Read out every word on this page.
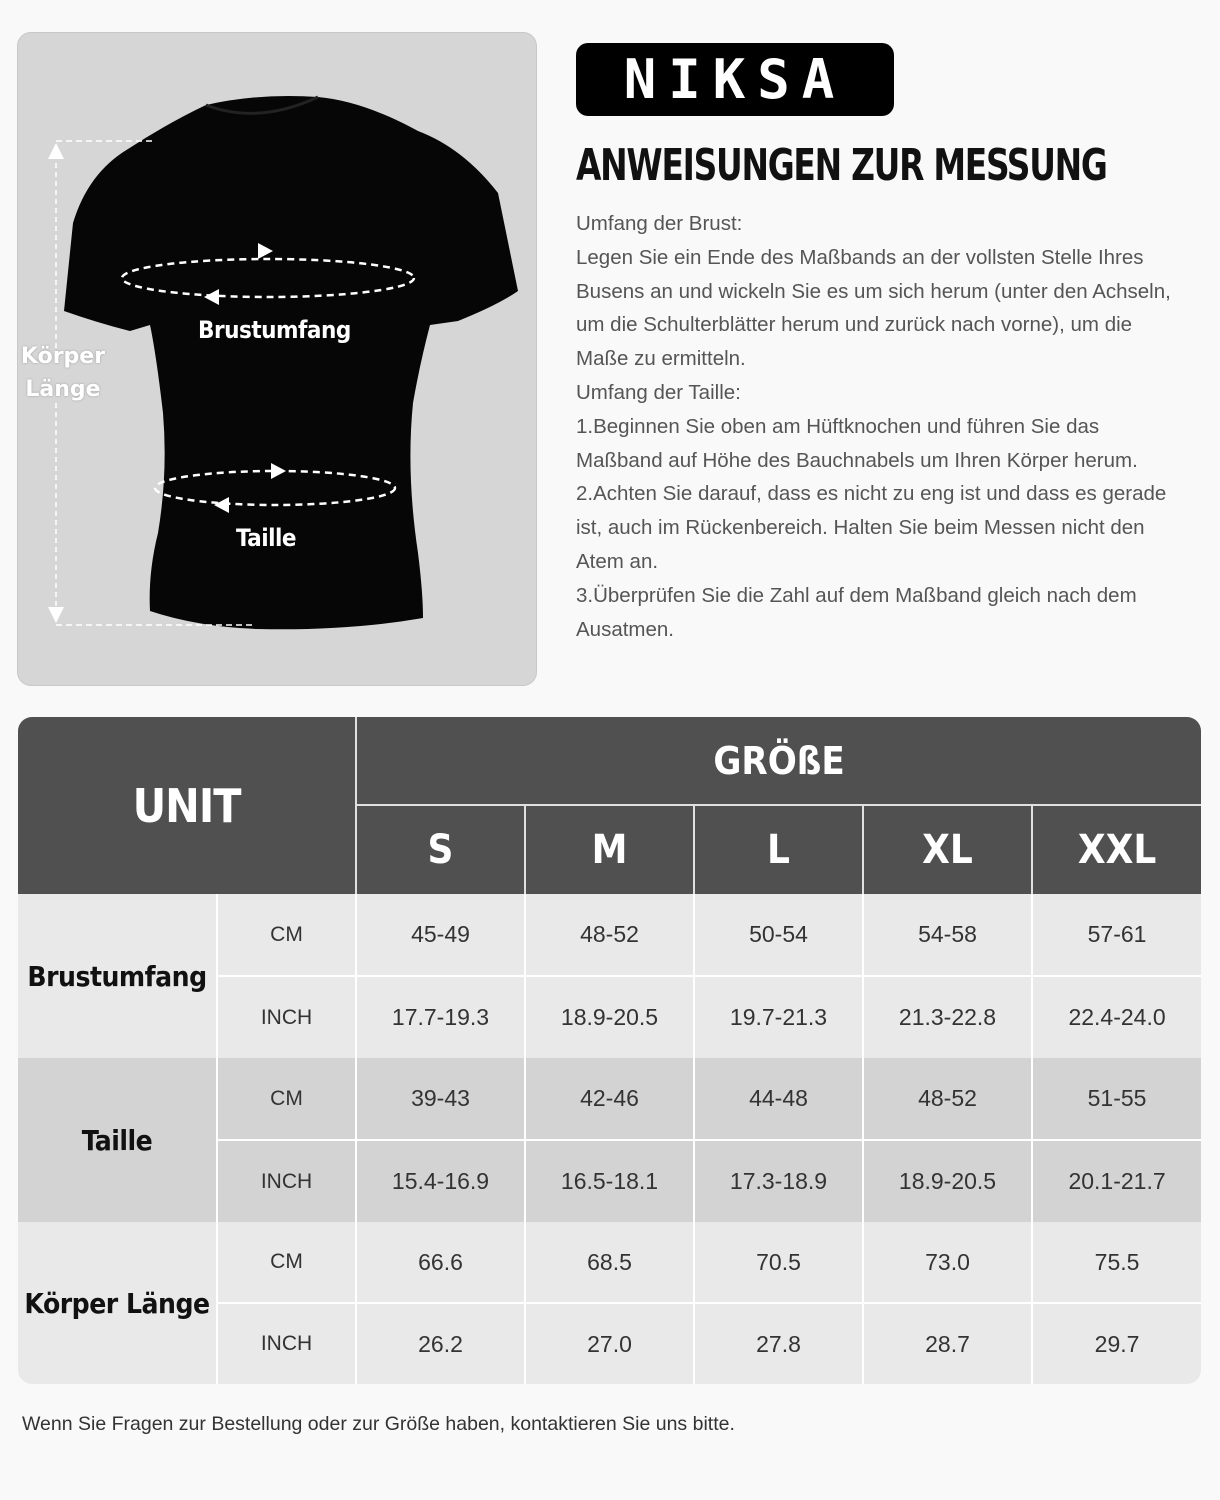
Brustumfang
Taille
Körper Länge
NIKSA
ANWEISUNGEN ZUR MESSUNG

Umfang der Brust:

Legen Sie ein Ende des Maßbands an der vollsten Stelle Ihres Busens an und wickeln Sie es um sich herum (unter den Achseln, um die Schulterblätter herum und zurück nach vorne), um die Maße zu ermitteln.

Umfang der Taille:

1.Beginnen Sie oben am Hüftknochen und führen Sie das Maßband auf Höhe des Bauchnabels um Ihren Körper herum.

2.Achten Sie darauf, dass es nicht zu eng ist und dass es gerade ist, auch im Rückenbereich. Halten Sie beim Messen nicht den Atem an.

3.Überprüfen Sie die Zahl auf dem Maßband gleich nach dem Ausatmen.

UNIT		GRÖßE				
		S	M	L	XL	XXL
Brustumfang	CM	45-49	48-52	50-54	54-58	57-61
	INCH	17.7-19.3	18.9-20.5	19.7-21.3	21.3-22.8	22.4-24.0
Taille	CM	39-43	42-46	44-48	48-52	51-55
	INCH	15.4-16.9	16.5-18.1	17.3-18.9	18.9-20.5	20.1-21.7
Körper Länge	CM	66.6	68.5	70.5	73.0	75.5
	INCH	26.2	27.0	27.8	28.7	29.7
Wenn Sie Fragen zur Bestellung oder zur Größe haben, kontaktieren Sie uns bitte.
